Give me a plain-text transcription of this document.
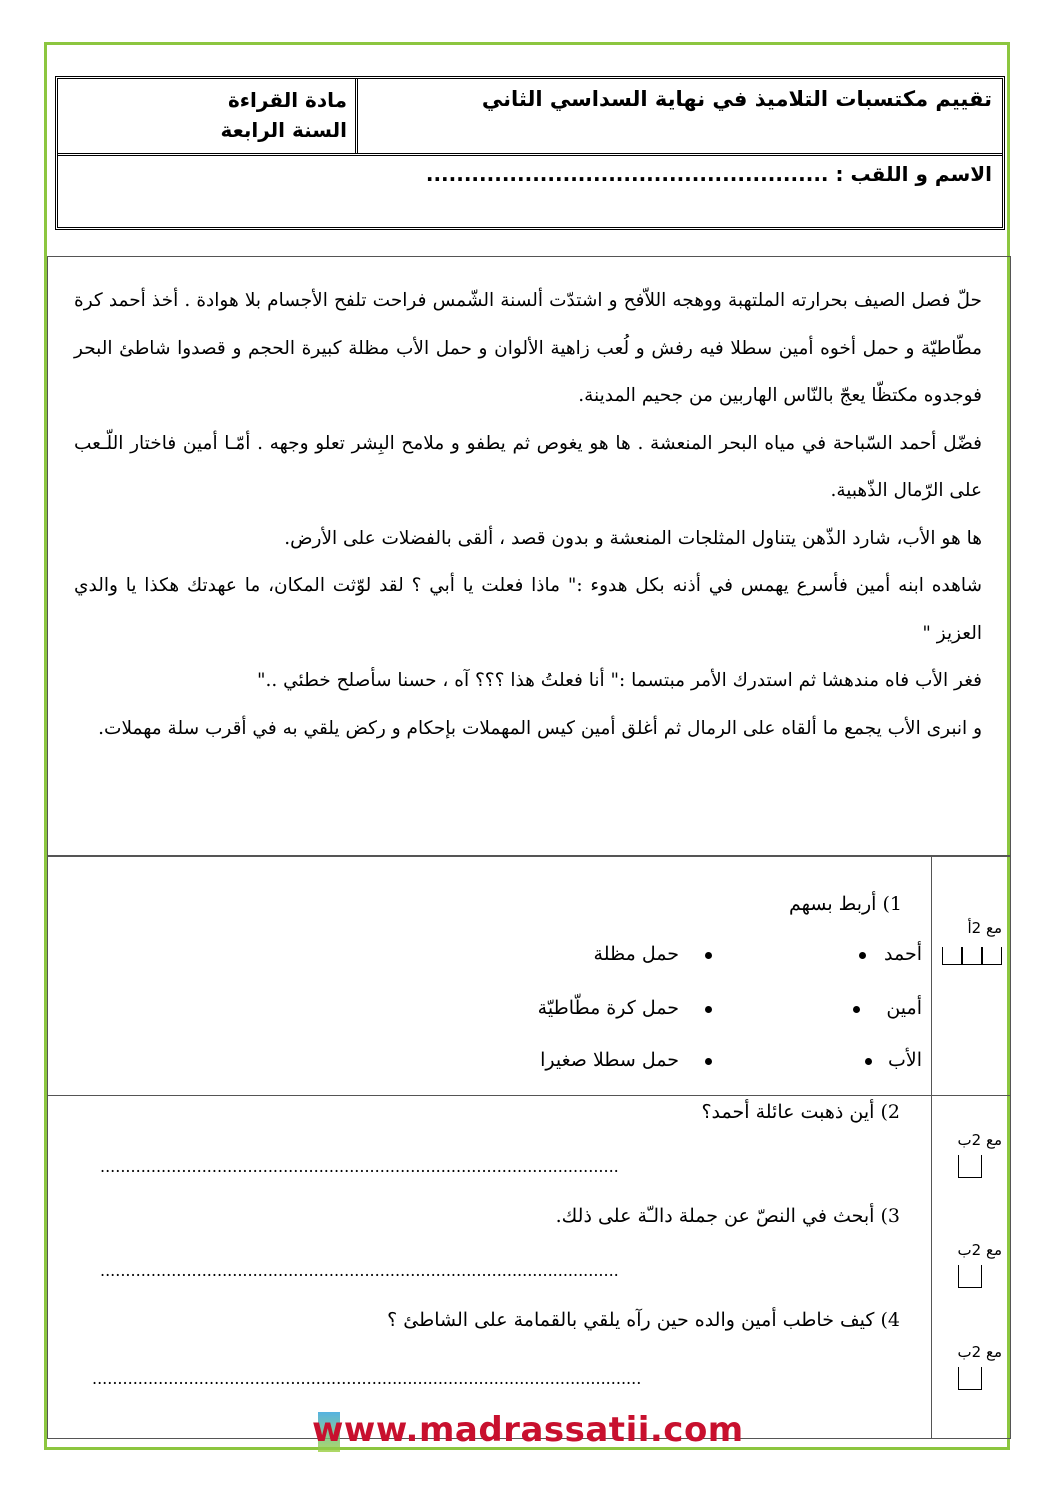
مادة القراءة
السنة الرابعة
تقييم مكتسبات التلاميذ في نهاية السداسي الثاني
الاسم و اللقب : .....................................................

حلّ فصل الصيف بحرارته الملتهبة ووهجه اللاّفح و اشتدّت ألسنة الشّمس فراحت تلفح الأجسام بلا هوادة . أخذ أحمد كرة مطّاطيّة و حمل أخوه أمين سطلا فيه رفش و لُعب زاهية الألوان و حمل الأب مظلة كبيرة الحجم و قصدوا شاطئ البحر فوجدوه مكتظّا يعجّ بالنّاس الهاربين من جحيم المدينة.

فضّل أحمد السّباحة في مياه البحر المنعشة . ها هو يغوص ثم يطفو و ملامح البِشر تعلو وجهه . أمّـا أمين فاختار اللّـعب على الرّمال الذّهبية.

ها هو الأب، شارد الذّهن يتناول المثلجات المنعشة و بدون قصد ، ألقى بالفضلات على الأرض.

شاهده ابنه أمين فأسرع يهمس في أذنه بكل هدوء :" ماذا فعلت يا أبي ؟ لقد لوّثت المكان، ما عهدتك هكذا يا والدي العزيز "

فغر الأب فاه مندهشا ثم استدرك الأمر مبتسما :" أنا فعلتُ هذا ؟؟؟ آه ، حسنا سأصلح خطئي .."

و انبرى الأب يجمع ما ألقاه على الرمال ثم أغلق أمين كيس المهملات بإحكام و ركض يلقي به في أقرب سلة مهملات.

مع 2أ
1) أربط بسهم
أحمد
أمين
الأب
حمل مظلة
حمل كرة مطّاطيّة
حمل سطلا صغيرا
مع 2ب
مع 2ب
مع 2ب
2) أين ذهبت عائلة أحمد؟
......................................................................................................
3) أبحث في النصّ عن جملة دالـّة على ذلك.
......................................................................................................
4) كيف خاطب أمين والده حين رآه يلقي بالقمامة على الشاطئ ؟
............................................................................................................
www.madrassatii.com
